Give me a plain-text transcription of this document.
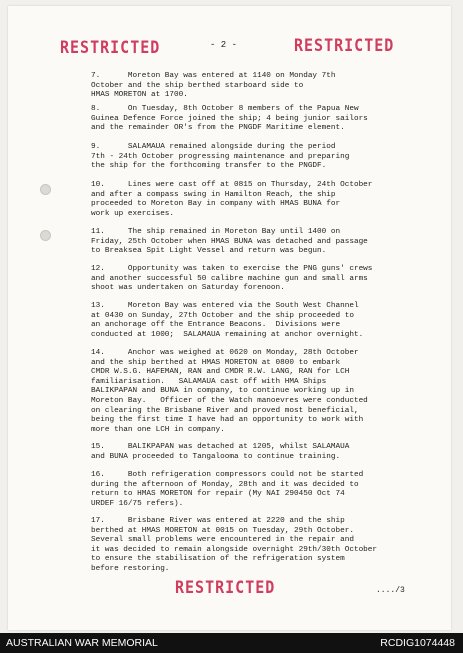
RESTRICTED	- 2 -	RESTRICTED

7.      Moreton Bay was entered at 1140 on Monday 7th
October and the ship berthed starboard side to
HMAS MORETON at 1700.

8.      On Tuesday, 8th October 8 members of the Papua New
Guinea Defence Force joined the ship; 4 being junior sailors
and the remainder OR's from the PNGDF Maritime element.

9.      SALAMAUA remained alongside during the period
7th - 24th October progressing maintenance and preparing
the ship for the forthcoming transfer to the PNGDF.

10.     Lines were cast off at 0815 on Thursday, 24th October
and after a compass swing in Hamilton Reach, the ship
proceeded to Moreton Bay in company with HMAS BUNA for
work up exercises.

11.     The ship remained in Moreton Bay until 1400 on
Friday, 25th October when HMAS BUNA was detached and passage
to Breaksea Spit Light Vessel and return was begun.

12.     Opportunity was taken to exercise the PNG guns' crews
and another successful 50 calibre machine gun and small arms
shoot was undertaken on Saturday forenoon.

13.     Moreton Bay was entered via the South West Channel
at 0430 on Sunday, 27th October and the ship proceeded to
an anchorage off the Entrance Beacons.  Divisions were
conducted at 1000;  SALAMAUA remaining at anchor overnight.

14.     Anchor was weighed at 0620 on Monday, 28th October
and the ship berthed at HMAS MORETON at 0800 to embark
CMDR W.S.G. HAFEMAN, RAN and CMDR R.W. LANG, RAN for LCH
familiarisation.   SALAMAUA cast off with HMA Ships
BALIKPAPAN and BUNA in company, to continue working up in
Moreton Bay.   Officer of the Watch manoevres were conducted
on clearing the Brisbane River and proved most beneficial,
being the first time I have had an opportunity to work with
more than one LCH in company.

15.     BALIKPAPAN was detached at 1205, whilst SALAMAUA
and BUNA proceeded to Tangalooma to continue training.

16.     Both refrigeration compressors could not be started
during the afternoon of Monday, 28th and it was decided to
return to HMAS MORETON for repair (My NAI 290450 Oct 74
URDEF 16/75 refers).

17.     Brisbane River was entered at 2220 and the ship
berthed at HMAS MORETON at 0015 on Tuesday, 29th October.
Several small problems were encountered in the repair and
it was decided to remain alongside overnight 29th/30th October
to ensure the stabilisation of the refrigeration system
before restoring.

RESTRICTED	..../3
AUSTRALIAN WAR MEMORIAL	RCDIG1074448
